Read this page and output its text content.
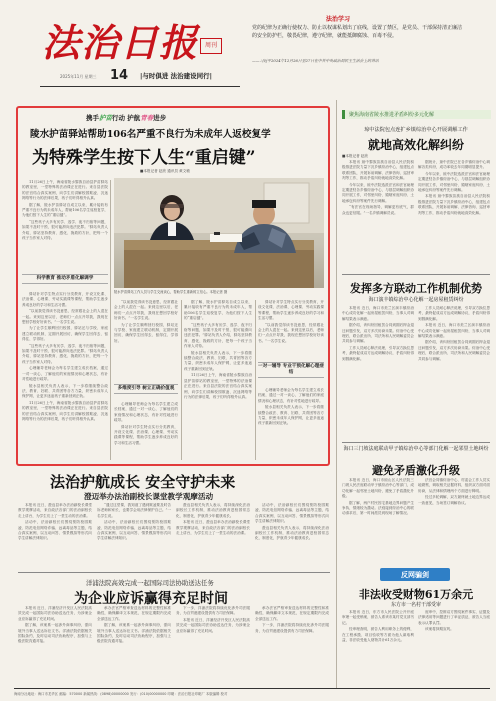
法治日报	周刊
2025年11月 星期三 14 |与时俱进 法治建设同行|
法治学习
党的纪律为正确行使权力、防止以权谋私划出了底线，设置了禁区，是党员、干部保持清正廉洁的安全防护栏，敬畏纪律，遵守纪律，就能抵御腐蚀、百毒不侵。
——习近平2024年12月26日至27日在中共中央政治局民主生活会上的讲话
携手护苗行动 护航青春进步
陵水护苗驿站帮助106名严重不良行为未成年人返校复学
为特殊学生按下人生“重启键”
■本报记者 赵欣 通讯员 黄文敏
陵水护苗驿站工作人员与学生交流谈心，帮助学生重新树立信心。本报记者 摄

11月26日上午，海南省陵水黎族自治县护苗驿站的教室里，一堂特殊的法治课正在进行。来自县法院的法官结合真实案例，向学生们讲解校园欺凌、沉迷网络等行为的法律后果，孩子们听得格外认真。

据了解，陵水护苗驿站自成立以来，累计接收有严重不良行为的未成年人，帮助106名学生返校复学，为他们按下人生的“重启键”。

“这些孩子大多有厌学、逃学、夜不归宿等问题，如果不及时干预，很可能滑向违法犯罪。”驿站负责人介绍，驿站坚持教育、感化、挽救的方针，把每一个孩子当作家人对待。

科学教育 推动矛盾化解调学

驿站针对学生特点实行分类教育，开设文化课、法治课、心理课、劳动实践课等课程，帮助学生逐步养成良好的学习和生活习惯。

“以前我觉得读书没意思，经常跟社会上的人混在一起。来到这里以后，老师们一点点开导我，我现在想回学校好好读书。”一名学生说。

为了让学生顺利回归校园，驿站还与学校、家庭建立联动机制，定期开展回访，确保学生回得去、留得住、学得好。

“这些孩子大多有厌学、逃学、夜不归宿等问题，如果不及时干预，很可能滑向违法犯罪。”驿站负责人介绍，驿站坚持教育、感化、挽救的方针，把每一个孩子当作家人对待。

心理辅导老师会为每名学生建立成长档案，通过一对一谈心，了解他们的家庭情况和心理状态，有针对性地进行疏导。

陵水县相关负责人表示，下一步将继续整合政法、教育、妇联、共青团等各方力量，织密未成年人保护网，让更多迷途孩子重新回到正轨。

11月26日上午，海南省陵水黎族自治县护苗驿站的教室里，一堂特殊的法治课正在进行。来自县法院的法官结合真实案例，向学生们讲解校园欺凌、沉迷网络等行为的法律后果，孩子们听得格外认真。

“以前我觉得读书没意思，经常跟社会上的人混在一起。来到这里以后，老师们一点点开导我，我现在想回学校好好读书。”一名学生说。

为了让学生顺利回归校园，驿站还与学校、家庭建立联动机制，定期开展回访，确保学生回得去、留得住、学得好。

多维度引导 树立正确价值观

心理辅导老师会为每名学生建立成长档案，通过一对一谈心，了解他们的家庭情况和心理状态，有针对性地进行疏导。

驿站针对学生特点实行分类教育，开设文化课、法治课、心理课、劳动实践课等课程，帮助学生逐步养成良好的学习和生活习惯。

据了解，陵水护苗驿站自成立以来，累计接收有严重不良行为的未成年人，帮助106名学生返校复学，为他们按下人生的“重启键”。

“这些孩子大多有厌学、逃学、夜不归宿等问题，如果不及时干预，很可能滑向违法犯罪。”驿站负责人介绍，驿站坚持教育、感化、挽救的方针，把每一个孩子当作家人对待。

陵水县相关负责人表示，下一步将继续整合政法、教育、妇联、共青团等各方力量，织密未成年人保护网，让更多迷途孩子重新回到正轨。

11月26日上午，海南省陵水黎族自治县护苗驿站的教室里，一堂特殊的法治课正在进行。来自县法院的法官结合真实案例，向学生们讲解校园欺凌、沉迷网络等行为的法律后果，孩子们听得格外认真。

驿站针对学生特点实行分类教育，开设文化课、法治课、心理课、劳动实践课等课程，帮助学生逐步养成良好的学习和生活习惯。

“以前我觉得读书没意思，经常跟社会上的人混在一起。来到这里以后，老师们一点点开导我，我现在想回学校好好读书。”一名学生说。

一对一辅导 专业干预化解心理症结

心理辅导老师会为每名学生建立成长档案，通过一对一谈心，了解他们的家庭情况和心理状态，有针对性地进行疏导。

陵水县相关负责人表示，下一步将继续整合政法、教育、妇联、共青团等各方力量，织密未成年人保护网，让更多迷途孩子重新回到正轨。

聚焦海南省陵水推进矛盾纠纷多元化解
琼中法院包点连扩乡镇综治中心开展调解工作
就地高效化解纠纷
■本报记者 赵欣

本报讯 琼中黎族苗族自治县人民法院积极推进法院力量下沉乡镇综治中心，组建包点联系团队，开展诉前调解、法律咨询、巡回审判等工作，推动矛盾纠纷就地高效化解。

今年以来，琼中法院选派法官和法官助理定期进驻各乡镇综治中心，与基层调解组织协同开展工作，对邻里纠纷、婚姻家庭纠纷、土地承包纠纷等案件先行调解。

“有法官在现场指导，调解更有底气，群众也更信服。”一名乡镇调解员说。

据统计，琼中法院已在各乡镇综治中心调解各类纠纷，成功率较去年同期明显提升。

今年以来，琼中法院选派法官和法官助理定期进驻各乡镇综治中心，与基层调解组织协同开展工作，对邻里纠纷、婚姻家庭纠纷、土地承包纠纷等案件先行调解。

本报讯 琼中黎族苗族自治县人民法院积极推进法院力量下沉乡镇综治中心，组建包点联系团队，开展诉前调解、法律咨询、巡回审判等工作，推动矛盾纠纷就地高效化解。

发挥多方联动工作机制优势
海口演丰镇综治中心化解一起房屋租赁纠纷

本报讯 近日，海口市美兰区演丰镇综治中心成功化解一起房屋租赁纠纷，当事人对调解结果表示满意。

据介绍，该纠纷因租赁合同到期后押金退还问题引发，双方多次协商未果。综治中心受理后，联合派出所、司法所和人民调解委员会共同参与调解。

工作人员耐心释法说理，引导双方换位思考，最终促成双方达成调解协议，矛盾纠纷得到圆满化解。

工作人员耐心释法说理，引导双方换位思考，最终促成双方达成调解协议，矛盾纠纷得到圆满化解。

本报讯 近日，海口市美兰区演丰镇综治中心成功化解一起房屋租赁纠纷，当事人对调解结果表示满意。

据介绍，该纠纷因租赁合同到期后押金退还问题引发，双方多次协商未果。综治中心受理后，联合派出所、司法所和人民调解委员会共同参与调解。

海口三门坡法庭联动甲子镇综治中心等部门化解一起邻里土地纠纷
避免矛盾激化升级

本报讯 近日，海口市琼山区人民法院三门坡人民法庭联动甲子镇综治中心等部门，成功化解一起邻里土地纠纷，避免了矛盾激化升级。

据了解，两户村民因宅基地边界问题产生争执，情绪较为激动。法庭接到综治中心的联动请求后，第一时间派员到现场了解情况。

法官会同镇综治中心、村委会工作人员实地勘察，调取相关证据材料，组织双方面对面协商，从法律和情理两个方面进行释明。

经过多轮调解，双方最终就土地边界达成一致意见，当场签订调解协议。

反网骗剑
非法收受财物61万余元
东方市一名村干部受审

本报讯 近日，东方市人民法院公开开庭审理一起受贿案，被告人系该市某村党支部书记。

经审理查明，被告人利用职务上的便利，在工程承揽、项目验收等方面为他人谋取利益，非法收受他人财物共计61万余元。

庭审中，控辩双方围绕案件事实、证据及法律适用等问题进行了举证质证，被告人当庭表示认罪认罚。

该案将择期宣判。

法治护航成长 安全守护未来
澄迈举办法治副校长课堂教学观摩活动

本报讯 近日，澄迈县举办法治副校长课堂教学观摩活动，来自政法各部门的法治副校长走上讲台，为学生们上了一堂生动的法治课。

活动中，法治副校长们围绕预防校园欺凌、防范电信网络诈骗、远离毒品等主题，结合真实案例，以互动问答、情景模拟等形式向学生讲解法律知识。

“通过这堂课，我知道了遇到欺凌要及时告诉老师和家长，也要学会用法律保护自己。”一名学生说。

活动中，法治副校长们围绕预防校园欺凌、防范电信网络诈骗、远离毒品等主题，结合真实案例，以互动问答、情景模拟等形式向学生讲解法律知识。

澄迈县相关负责人表示，将持续深化法治副校长工作机制，推动法治教育进校园常态化、制度化，护航青少年健康成长。

本报讯 近日，澄迈县举办法治副校长课堂教学观摩活动，来自政法各部门的法治副校长走上讲台，为学生们上了一堂生动的法治课。

活动中，法治副校长们围绕预防校园欺凌、防范电信网络诈骗、远离毒品等主题，结合真实案例，以互动问答、情景模拟等形式向学生讲解法律知识。

澄迈县相关负责人表示，将持续深化法治副校长工作机制，推动法治教育进校园常态化、制度化，护航青少年健康成长。

洋浦法院高效完成一起国际司法协助送达任务
为企业应诉赢得充足时间

本报讯 近日，洋浦经济开发区人民法院高效完成一起国际司法协助送达任务，为涉案企业应诉赢得了充足时间。

据了解，该案系一起涉外商事纠纷，需向境外当事人送达诉讼文书。洋浦法院依据相关国际条约，及时启动司法协助程序，加强与上级法院沟通对接。

承办法官严格审查送达材料的完整性和准确性，确保翻译文本规范，在规定期限内完成全部送达工作。

据了解，该案系一起涉外商事纠纷，需向境外当事人送达诉讼文书。洋浦法院依据相关国际条约，及时启动司法协助程序，加强与上级法院沟通对接。

下一步，洋浦法院将持续优化涉外司法服务，为自贸港建设提供有力司法保障。

本报讯 近日，洋浦经济开发区人民法院高效完成一起国际司法协助送达任务，为涉案企业应诉赢得了充足时间。

承办法官严格审查送达材料的完整性和准确性，确保翻译文本规范，在规定期限内完成全部送达工作。

下一步，洋浦法院将持续优化涉外司法服务，为自贸港建设提供有力司法保障。

海南分社地址：海口市龙华区 邮编：570000 新闻热线：(0898)00000000 发行：(010)00000000 印刷：法治日报社印刷厂 本版编辑 校对
